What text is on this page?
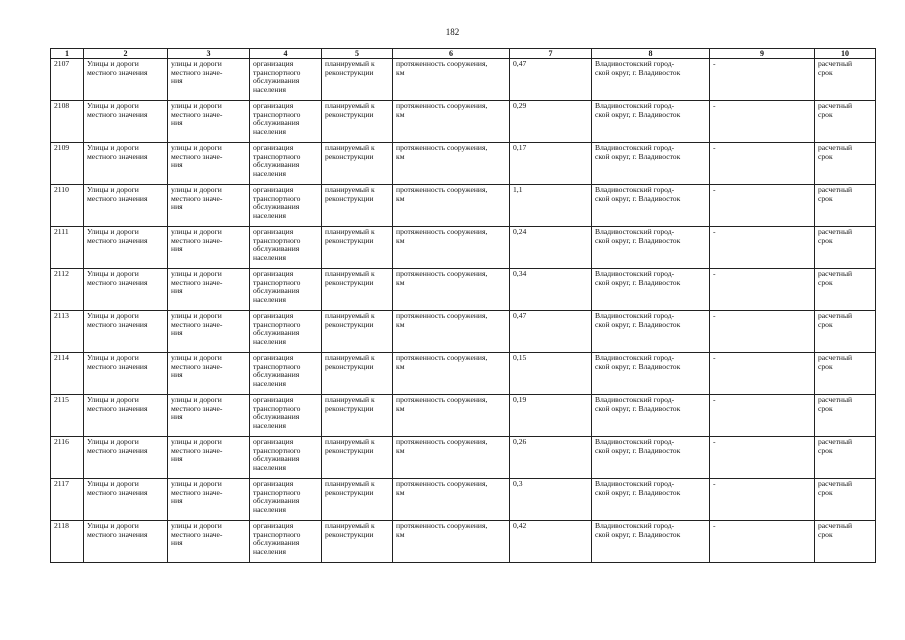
182
1	2	3	4	5	6	7	8	9	10
2107	Улицы и дороги
местного значения	улицы и дороги
местного значе-
ния	организация
транспортного
обслуживания
населения	планируемый к
реконструкции	протяженность сооружения,
км	0,47	Владивостокский город-
ской округ, г. Владивосток	-	расчетный
срок
2108	Улицы и дороги
местного значения	улицы и дороги
местного значе-
ния	организация
транспортного
обслуживания
населения	планируемый к
реконструкции	протяженность сооружения,
км	0,29	Владивостокский город-
ской округ, г. Владивосток	-	расчетный
срок
2109	Улицы и дороги
местного значения	улицы и дороги
местного значе-
ния	организация
транспортного
обслуживания
населения	планируемый к
реконструкции	протяженность сооружения,
км	0,17	Владивостокский город-
ской округ, г. Владивосток	-	расчетный
срок
2110	Улицы и дороги
местного значения	улицы и дороги
местного значе-
ния	организация
транспортного
обслуживания
населения	планируемый к
реконструкции	протяженность сооружения,
км	1,1	Владивостокский город-
ской округ, г. Владивосток	-	расчетный
срок
2111	Улицы и дороги
местного значения	улицы и дороги
местного значе-
ния	организация
транспортного
обслуживания
населения	планируемый к
реконструкции	протяженность сооружения,
км	0,24	Владивостокский город-
ской округ, г. Владивосток	-	расчетный
срок
2112	Улицы и дороги
местного значения	улицы и дороги
местного значе-
ния	организация
транспортного
обслуживания
населения	планируемый к
реконструкции	протяженность сооружения,
км	0,34	Владивостокский город-
ской округ, г. Владивосток	-	расчетный
срок
2113	Улицы и дороги
местного значения	улицы и дороги
местного значе-
ния	организация
транспортного
обслуживания
населения	планируемый к
реконструкции	протяженность сооружения,
км	0,47	Владивостокский город-
ской округ, г. Владивосток	-	расчетный
срок
2114	Улицы и дороги
местного значения	улицы и дороги
местного значе-
ния	организация
транспортного
обслуживания
населения	планируемый к
реконструкции	протяженность сооружения,
км	0,15	Владивостокский город-
ской округ, г. Владивосток	-	расчетный
срок
2115	Улицы и дороги
местного значения	улицы и дороги
местного значе-
ния	организация
транспортного
обслуживания
населения	планируемый к
реконструкции	протяженность сооружения,
км	0,19	Владивостокский город-
ской округ, г. Владивосток	-	расчетный
срок
2116	Улицы и дороги
местного значения	улицы и дороги
местного значе-
ния	организация
транспортного
обслуживания
населения	планируемый к
реконструкции	протяженность сооружения,
км	0,26	Владивостокский город-
ской округ, г. Владивосток	-	расчетный
срок
2117	Улицы и дороги
местного значения	улицы и дороги
местного значе-
ния	организация
транспортного
обслуживания
населения	планируемый к
реконструкции	протяженность сооружения,
км	0,3	Владивостокский город-
ской округ, г. Владивосток	-	расчетный
срок
2118	Улицы и дороги
местного значения	улицы и дороги
местного значе-
ния	организация
транспортного
обслуживания
населения	планируемый к
реконструкции	протяженность сооружения,
км	0,42	Владивостокский город-
ской округ, г. Владивосток	-	расчетный
срок
